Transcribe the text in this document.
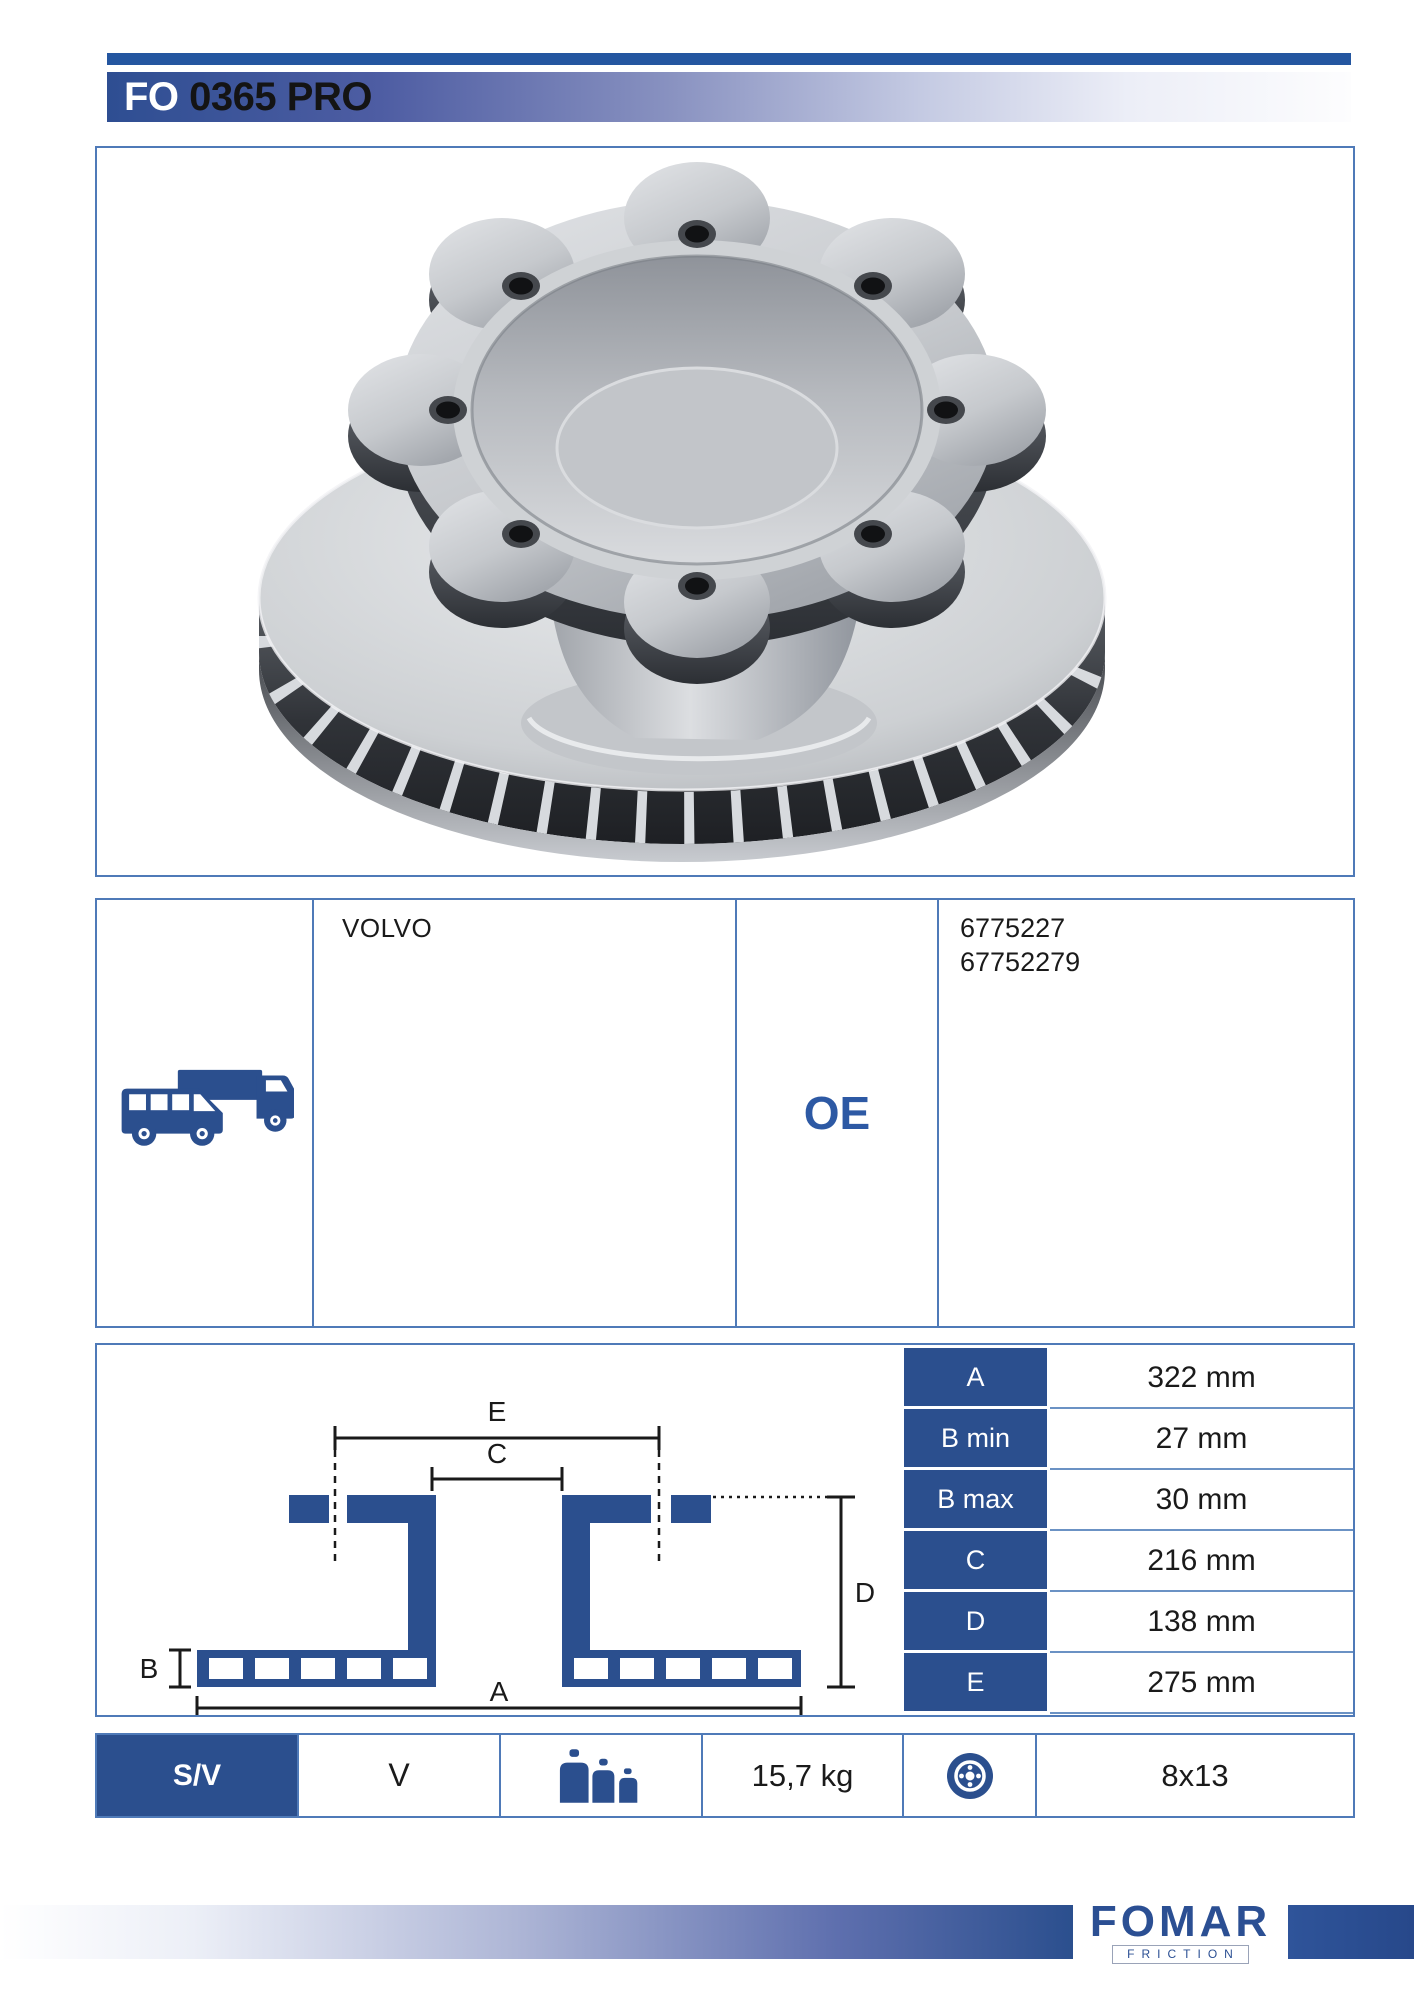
FO 0365 PRO
VOLVO
OE
6775227
67752279
E
C
D
B
A
A	322 mm
B min	27 mm
B max	30 mm
C	216 mm
D	138 mm
E	275 mm
S/V	V	15,7 kg	8x13
FOMAR
FRICTION
